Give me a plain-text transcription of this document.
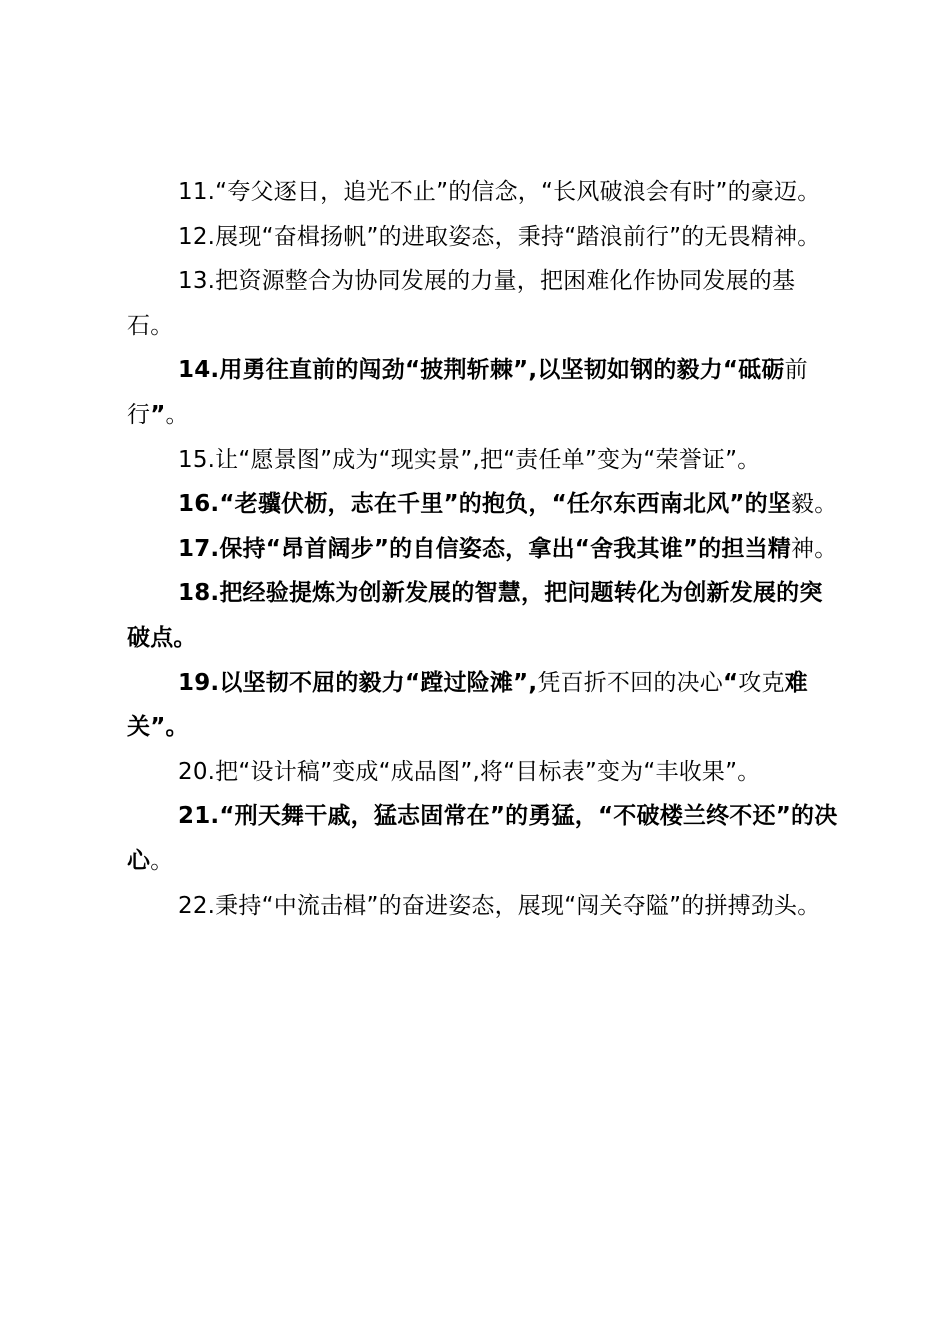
11.“夸父逐日，追光不止”的信念，“长风破浪会有时”的豪迈。

12.展现“奋楫扬帆”的进取姿态，秉持“踏浪前行”的无畏精神。

13.把资源整合为协同发展的力量，把困难化作协同发展的基石。

14.用勇往直前的闯劲“披荆斩棘”,以坚韧如钢的毅力“砥砺前行”。

15.让“愿景图”成为“现实景”,把“责任单”变为“荣誉证”。

16.“老骥伏枥，志在千里”的抱负，“任尔东西南北风”的坚毅。

17.保持“昂首阔步”的自信姿态，拿出“舍我其谁”的担当精神。

18.把经验提炼为创新发展的智慧，把问题转化为创新发展的突破点。

19.以坚韧不屈的毅力“蹚过险滩”,凭百折不回的决心“攻克难关”。

20.把“设计稿”变成“成品图”,将“目标表”变为“丰收果”。

21.“刑天舞干戚，猛志固常在”的勇猛，“不破楼兰终不还”的决心。

22.秉持“中流击楫”的奋进姿态，展现“闯关夺隘”的拼搏劲头。
